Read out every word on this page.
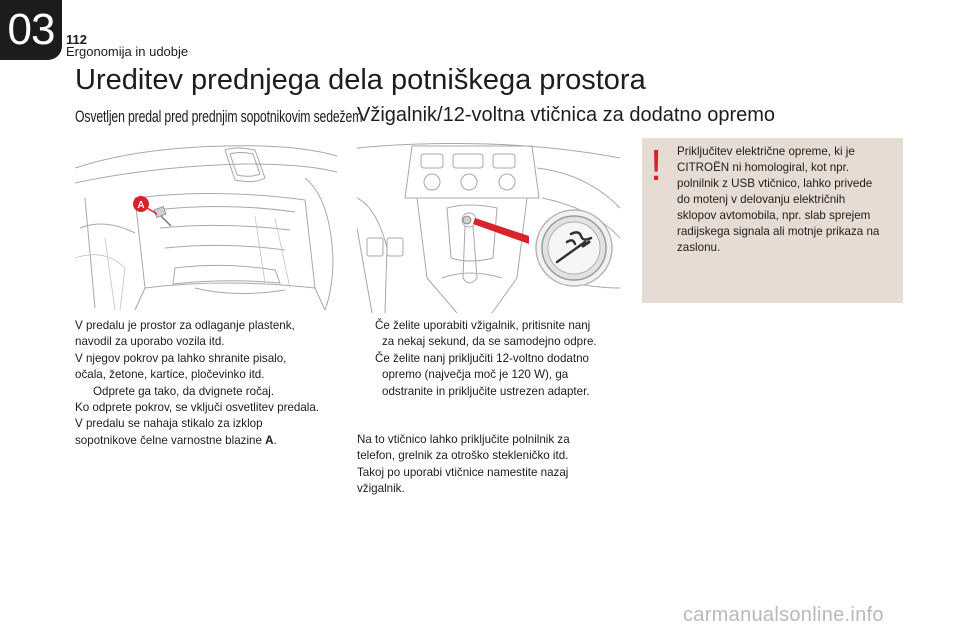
03 112
Ergonomija in udobje
Ureditev prednjega dela potniškega prostora
Osvetljen predal pred prednjim sopotnikovim sedežem
Vžigalnik/12-voltna vtičnica za dodatno opremo
A
! Priključitev električne opreme, ki je
CITROËN ni homologiral, kot npr.
polnilnik z USB vtičnico, lahko privede
do motenj v delovanju električnih
sklopov avtomobila, npr. slab sprejem
radijskega signala ali motnje prikaza na
zaslonu.
V predalu je prostor za odlaganje plastenk,
navodil za uporabo vozila itd.
V njegov pokrov pa lahko shranite pisalo,
očala, žetone, kartice, pločevinko itd.
Odprete ga tako, da dvignete ročaj.
Ko odprete pokrov, se vključi osvetlitev predala.
V predalu se nahaja stikalo za izklop
sopotnikove čelne varnostne blazine A.
Če želite uporabiti vžigalnik, pritisnite nanj
za nekaj sekund, da se samodejno odpre.
Če želite nanj priključiti 12-voltno dodatno
opremo (največja moč je 120 W), ga
odstranite in priključite ustrezen adapter.
Na to vtičnico lahko priključite polnilnik za
telefon, grelnik za otroško stekleničko itd.
Takoj po uporabi vtičnice namestite nazaj
vžigalnik.
carmanualsonline.info
